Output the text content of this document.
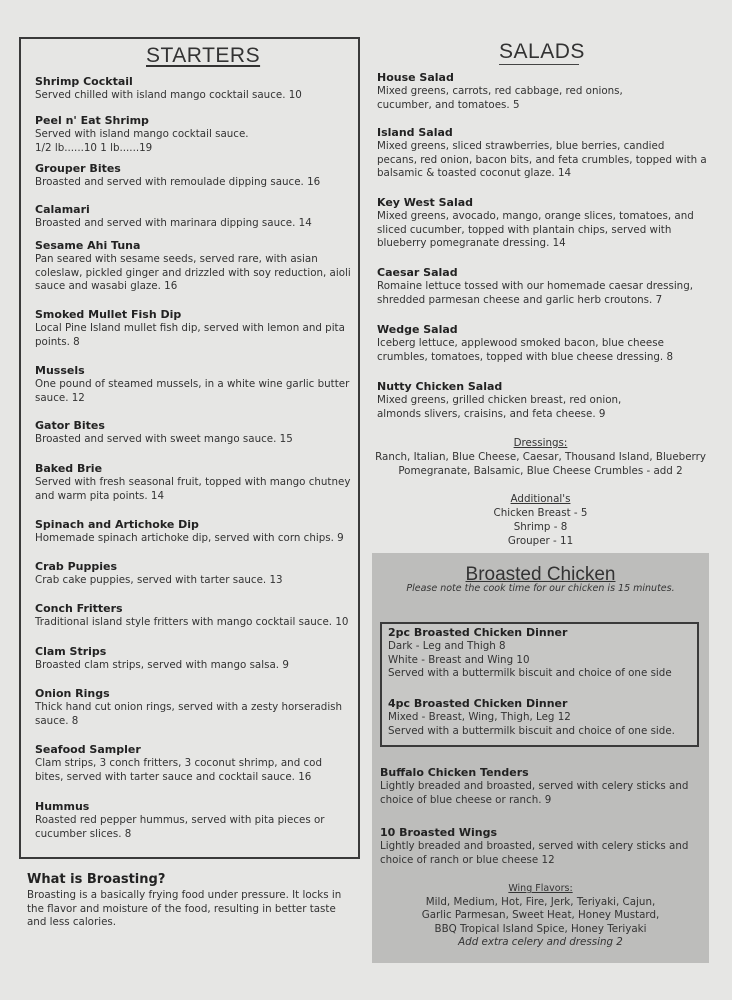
STARTERS
Shrimp Cocktail
Served chilled with island mango cocktail sauce. 10
Peel n' Eat Shrimp
Served with island mango cocktail sauce.
1/2 lb......10 1 lb......19
Grouper Bites
Broasted and served with remoulade dipping sauce. 16
Calamari
Broasted and served with marinara dipping sauce. 14
Sesame Ahi Tuna
Pan seared with sesame seeds, served rare, with asian coleslaw, pickled ginger and drizzled with soy reduction, aioli sauce and wasabi glaze. 16
Smoked Mullet Fish Dip
Local Pine Island mullet fish dip, served with lemon and pita points. 8
Mussels
One pound of steamed mussels, in a white wine garlic butter sauce. 12
Gator Bites
Broasted and served with sweet mango sauce. 15
Baked Brie
Served with fresh seasonal fruit, topped with mango chutney and warm pita points. 14
Spinach and Artichoke Dip
Homemade spinach artichoke dip, served with corn chips. 9
Crab Puppies
Crab cake puppies, served with tarter sauce. 13
Conch Fritters
Traditional island style fritters with mango cocktail sauce. 10
Clam Strips
Broasted clam strips, served with mango salsa. 9
Onion Rings
Thick hand cut onion rings, served with a zesty horseradish sauce. 8
Seafood Sampler
Clam strips, 3 conch fritters, 3 coconut shrimp, and cod bites, served with tarter sauce and cocktail sauce. 16
Hummus
Roasted red pepper hummus, served with pita pieces or cucumber slices. 8
What is Broasting?
Broasting is a basically frying food under pressure. It locks in the flavor and moisture of the food, resulting in better taste and less calories.
SALADS
House Salad
Mixed greens, carrots, red cabbage, red onions, cucumber, and tomatoes. 5
Island Salad
Mixed greens, sliced strawberries, blue berries, candied pecans, red onion, bacon bits, and feta crumbles, topped with a balsamic & toasted coconut glaze. 14
Key West Salad
Mixed greens, avocado, mango, orange slices, tomatoes, and sliced cucumber, topped with plantain chips, served with blueberry pomegranate dressing. 14
Caesar Salad
Romaine lettuce tossed with our homemade caesar dressing, shredded parmesan cheese and garlic herb croutons. 7
Wedge Salad
Iceberg lettuce, applewood smoked bacon, blue cheese crumbles, tomatoes, topped with blue cheese dressing. 8
Nutty Chicken Salad
Mixed greens, grilled chicken breast, red onion, almonds slivers, craisins, and feta cheese. 9
Dressings:
Ranch, Italian, Blue Cheese, Caesar, Thousand Island, Blueberry
Pomegranate, Balsamic, Blue Cheese Crumbles - add 2
Additional's
Chicken Breast - 5
Shrimp - 8
Grouper - 11
Broasted Chicken
Please note the cook time for our chicken is 15 minutes.
2pc Broasted Chicken Dinner
Dark - Leg and Thigh 8
White - Breast and Wing 10
Served with a buttermilk biscuit and choice of one side
4pc Broasted Chicken Dinner
Mixed - Breast, Wing, Thigh, Leg 12
Served with a buttermilk biscuit and choice of one side.
Buffalo Chicken Tenders
Lightly breaded and broasted, served with celery sticks and choice of blue cheese or ranch. 9
10 Broasted Wings
Lightly breaded and broasted, served with celery sticks and choice of ranch or blue cheese 12
Wing Flavors:
Mild, Medium, Hot, Fire, Jerk, Teriyaki, Cajun,
Garlic Parmesan, Sweet Heat, Honey Mustard,
BBQ Tropical Island Spice, Honey Teriyaki
Add extra celery and dressing 2
